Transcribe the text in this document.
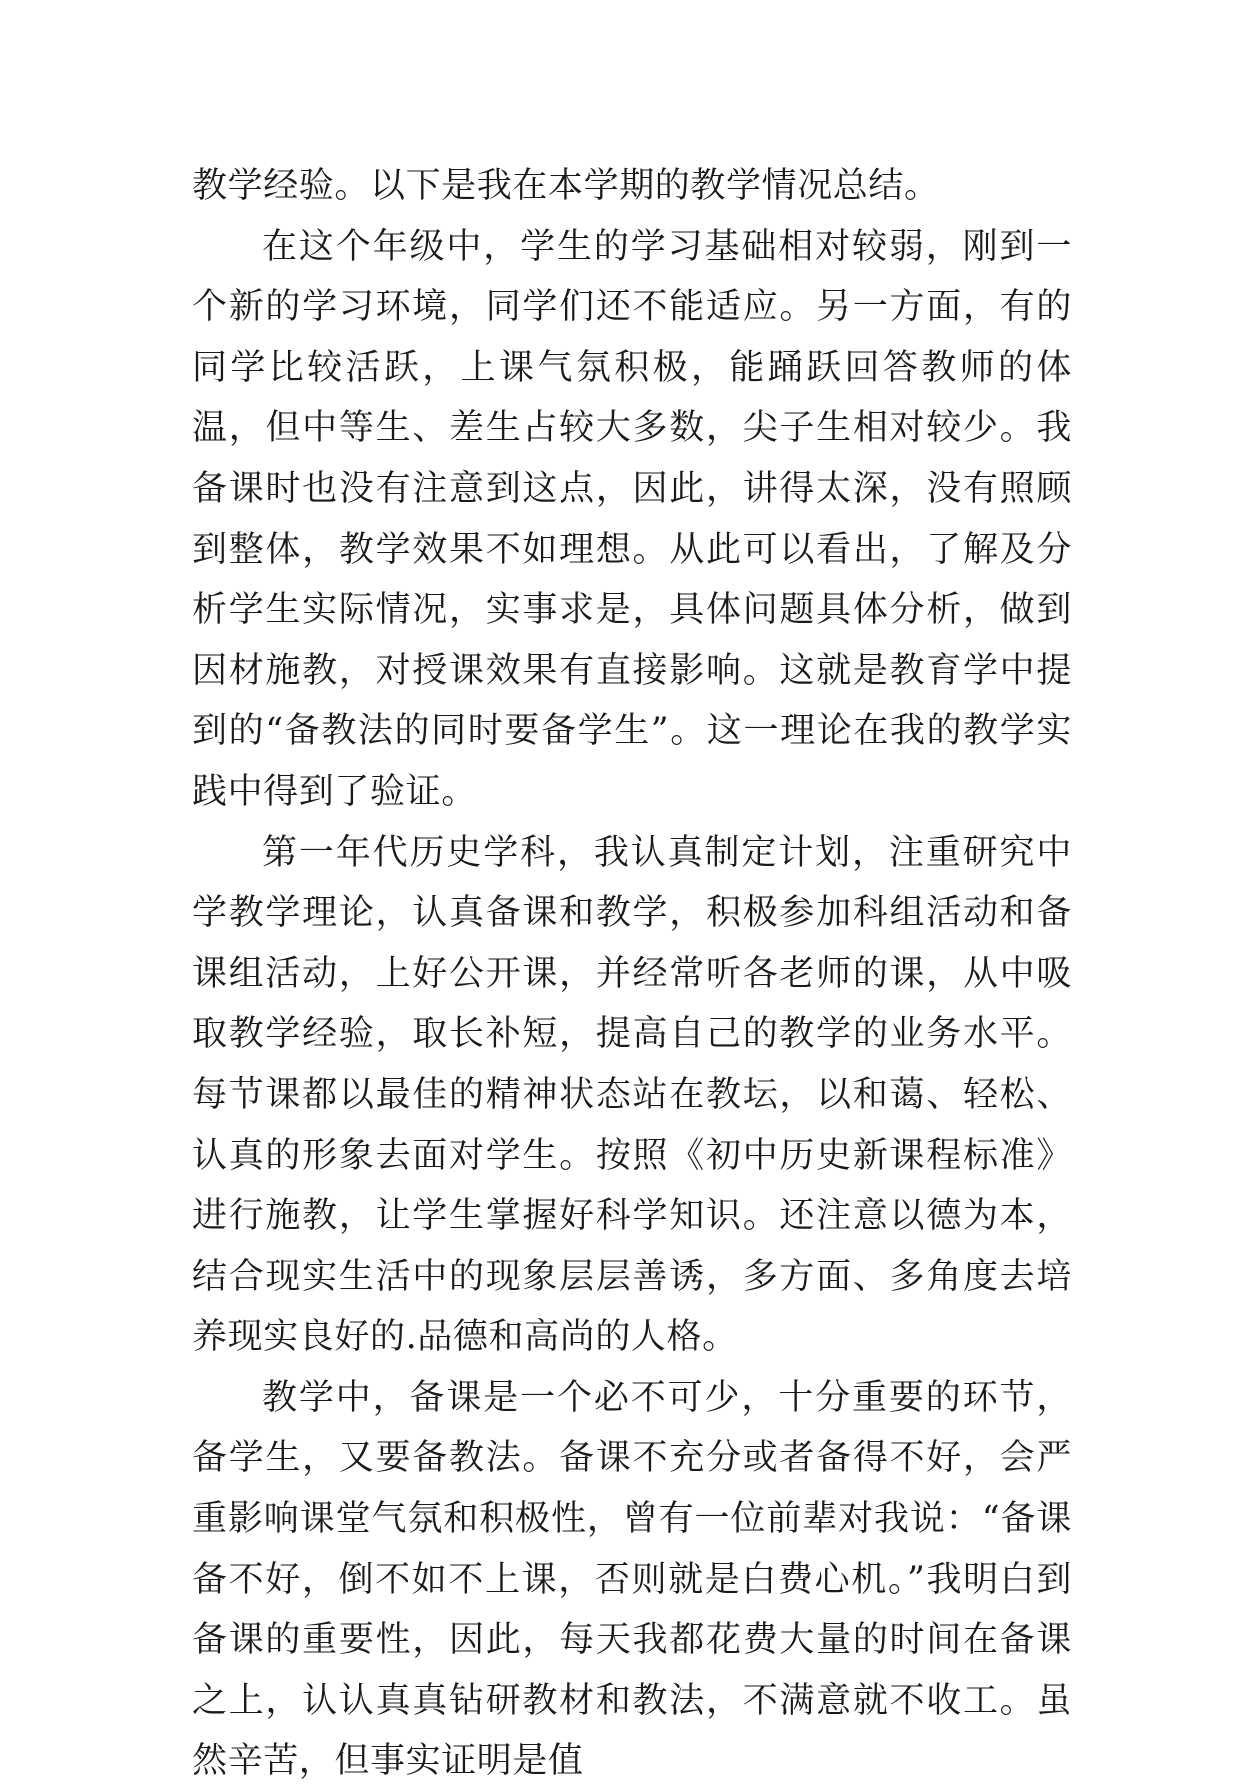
教学经验。以下是我在本学期的教学情况总结。

在这个年级中，学生的学习基础相对较弱，刚到一个新的学习环境，同学们还不能适应。另一方面，有的同学比较活跃，上课气氛积极，能踊跃回答教师的体温，但中等生、差生占较大多数，尖子生相对较少。我备课时也没有注意到这点，因此，讲得太深，没有照顾到整体，教学效果不如理想。从此可以看出，了解及分析学生实际情况，实事求是，具体问题具体分析，做到因材施教，对授课效果有直接影响。这就是教育学中提到的“备教法的同时要备学生”。这一理论在我的教学实践中得到了验证。

第一年代历史学科，我认真制定计划，注重研究中学教学理论，认真备课和教学，积极参加科组活动和备课组活动，上好公开课，并经常听各老师的课，从中吸取教学经验，取长补短，提高自己的教学的业务水平。每节课都以最佳的精神状态站在教坛，以和蔼、轻松、认真的形象去面对学生。按照《初中历史新课程标准》进行施教，让学生掌握好科学知识。还注意以德为本，结合现实生活中的现象层层善诱，多方面、多角度去培养现实良好的.品德和高尚的人格。

教学中，备课是一个必不可少，十分重要的环节，备学生，又要备教法。备课不充分或者备得不好，会严重影响课堂气氛和积极性，曾有一位前辈对我说：“备课备不好，倒不如不上课，否则就是白费心机。”我明白到备课的重要性，因此，每天我都花费大量的时间在备课之上，认认真真钻研教材和教法，不满意就不收工。虽然辛苦，但事实证明是值
